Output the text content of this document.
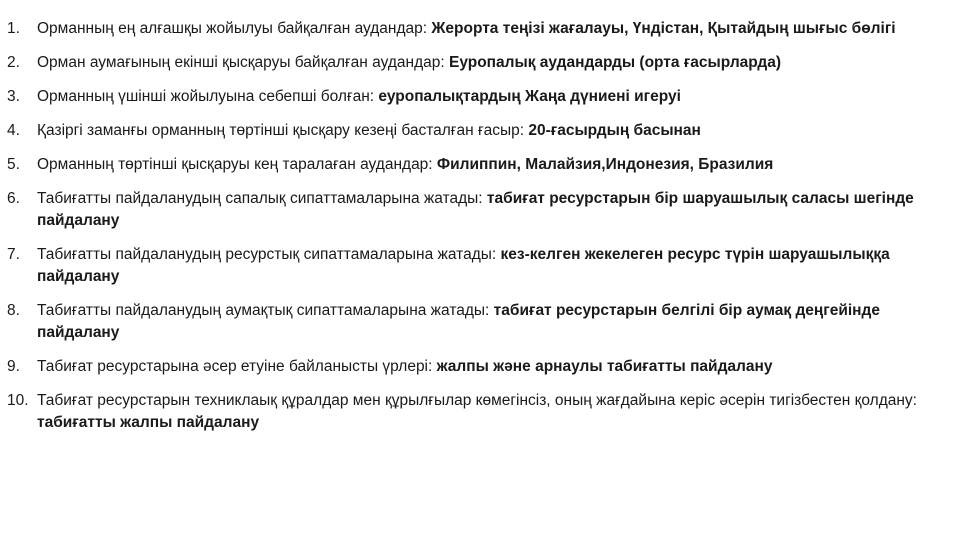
1.	Орманның ең алғашқы жойылуы байқалған аудандар: Жерорта теңізі жағалауы, Үндістан, Қытайдың шығыс бөлігі
2.	Орман аумағының екінші қысқаруы байқалған аудандар: Еуропалық аудандарды (орта ғасырларда)
3.	Орманның үшінші жойылуына себепші болған: еуропалықтардың Жаңа дүниені игеруі
4.	Қазіргі заманғы орманның төртінші қысқару кезеңі басталған ғасыр: 20-ғасырдың басынан
5.	Орманның төртінші қысқаруы кең таралаған аудандар: Филиппин, Малайзия,Индонезия, Бразилия
6.	Табиғатты пайдаланудың сапалық сипаттамаларына жатады: табиғат ресурстарын бір шаруашылық саласы шегінде пайдалану
7.	Табиғатты пайдаланудың ресурстық сипаттамаларына жатады: кез-келген жекелеген ресурс түрін шаруашылыққа пайдалану
8.	Табиғатты пайдаланудың аумақтық сипаттамаларына жатады: табиғат ресурстарын белгілі бір аумақ деңгейінде пайдалану
9.	Табиғат ресурстарына әсер етуіне байланысты үрлері: жалпы және арнаулы табиғатты пайдалану
10. Табиғат ресурстарын техниклаық құралдар мен құрылғылар көмегінсіз, оның жағдайына керіс әсерін тигізбестен қолдану: табиғатты жалпы пайдалану
